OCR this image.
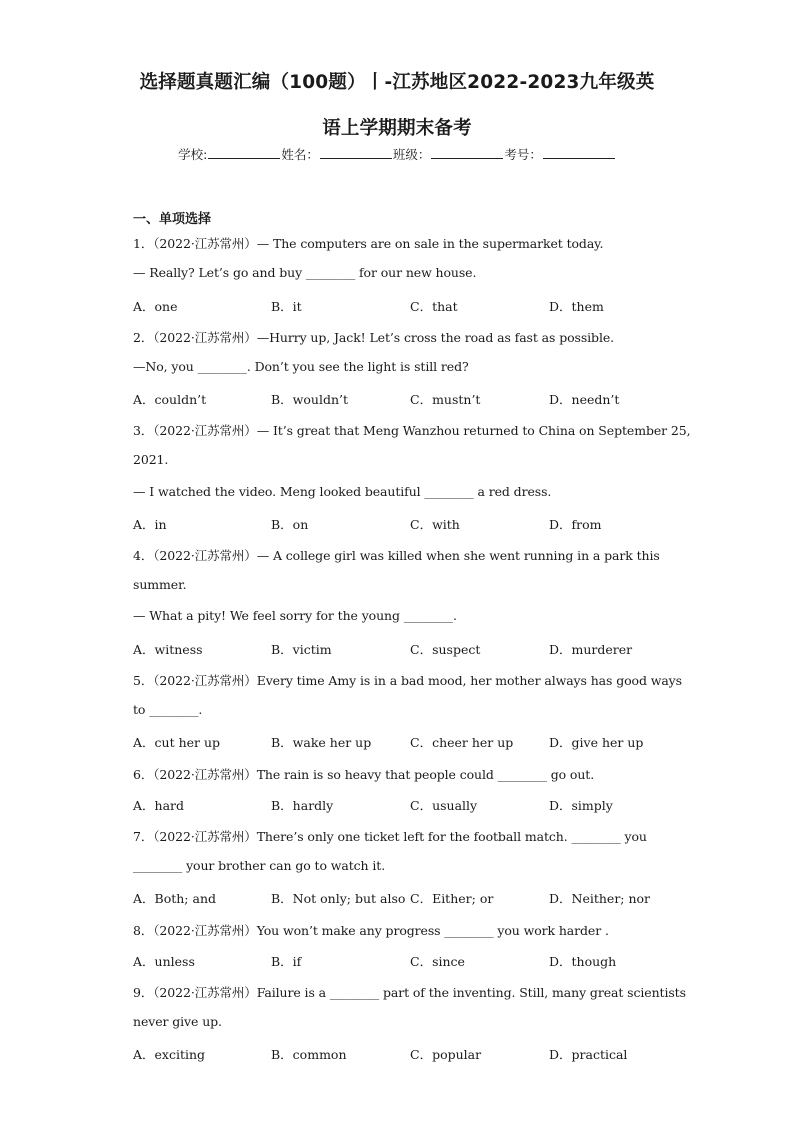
选择题真题汇编（100题）丨-江苏地区2022-2023九年级英
语上学期期末备考
学校:	姓名：	班级：	考号：
一、单项选择
1．（2022·江苏常州）— The computers are on sale in the supermarket today.
— Really? Let’s go and buy ________ for our new house.
A．one	B．it	C．that	D．them
2．（2022·江苏常州）—Hurry up, Jack! Let’s cross the road as fast as possible.
—No, you ________. Don’t you see the light is still red?
A．couldn’t	B．wouldn’t	C．mustn’t	D．needn’t
3．（2022·江苏常州）— It’s great that Meng Wanzhou returned to China on September 25,
2021.
— I watched the video. Meng looked beautiful ________ a red dress.
A．in	B．on	C．with	D．from
4．（2022·江苏常州）— A college girl was killed when she went running in a park this
summer.
— What a pity! We feel sorry for the young ________.
A．witness	B．victim	C．suspect	D．murderer
5．（2022·江苏常州）Every time Amy is in a bad mood, her mother always has good ways
to ________.
A．cut her up	B．wake her up	C．cheer her up	D．give her up
6．（2022·江苏常州）The rain is so heavy that people could ________ go out.
A．hard	B．hardly	C．usually	D．simply
7．（2022·江苏常州）There’s only one ticket left for the football match. ________ you
________ your brother can go to watch it.
A．Both; and	B．Not only; but also C．Either; or	D．Neither; nor
8．（2022·江苏常州）You won’t make any progress ________ you work harder .
A．unless	B．if	C．since	D．though
9．（2022·江苏常州）Failure is a ________ part of the inventing. Still, many great scientists
never give up.
A．exciting	B．common	C．popular	D．practical
